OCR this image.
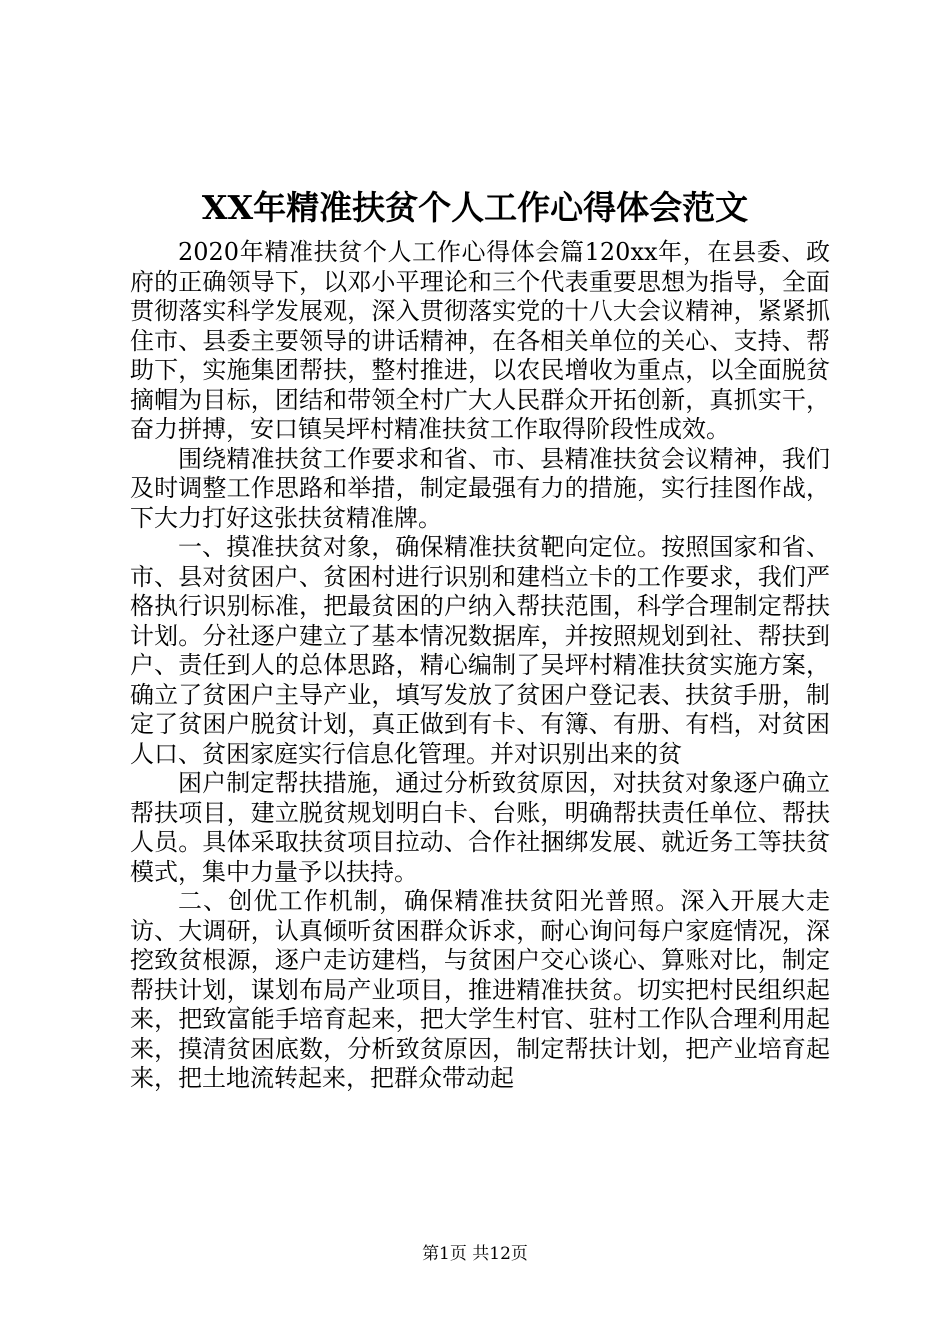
XX年精准扶贫个人工作心得体会范文

2020年精准扶贫个人工作心得体会篇120xx年，在县委、政府的正确领导下，以邓小平理论和三个代表重要思想为指导，全面贯彻落实科学发展观，深入贯彻落实党的十八大会议精神，紧紧抓住市、县委主要领导的讲话精神，在各相关单位的关心、支持、帮助下，实施集团帮扶，整村推进，以农民增收为重点，以全面脱贫摘帽为目标，团结和带领全村广大人民群众开拓创新，真抓实干，奋力拼搏，安口镇吴坪村精准扶贫工作取得阶段性成效。

围绕精准扶贫工作要求和省、市、县精准扶贫会议精神，我们及时调整工作思路和举措，制定最强有力的措施，实行挂图作战，下大力打好这张扶贫精准牌。

一、摸准扶贫对象，确保精准扶贫靶向定位。按照国家和省、市、县对贫困户、贫困村进行识别和建档立卡的工作要求，我们严格执行识别标准，把最贫困的户纳入帮扶范围，科学合理制定帮扶计划。分社逐户建立了基本情况数据库，并按照规划到社、帮扶到户、责任到人的总体思路，精心编制了吴坪村精准扶贫实施方案，确立了贫困户主导产业，填写发放了贫困户登记表、扶贫手册，制定了贫困户脱贫计划，真正做到有卡、有簿、有册、有档，对贫困人口、贫困家庭实行信息化管理。并对识别出来的贫

困户制定帮扶措施，通过分析致贫原因，对扶贫对象逐户确立帮扶项目，建立脱贫规划明白卡、台账，明确帮扶责任单位、帮扶人员。具体采取扶贫项目拉动、合作社捆绑发展、就近务工等扶贫模式，集中力量予以扶持。

二、创优工作机制，确保精准扶贫阳光普照。深入开展大走访、大调研，认真倾听贫困群众诉求，耐心询问每户家庭情况，深挖致贫根源，逐户走访建档，与贫困户交心谈心、算账对比，制定帮扶计划，谋划布局产业项目，推进精准扶贫。切实把村民组织起来，把致富能手培育起来，把大学生村官、驻村工作队合理利用起来，摸清贫困底数，分析致贫原因，制定帮扶计划，把产业培育起来，把土地流转起来，把群众带动起

第1页 共12页
